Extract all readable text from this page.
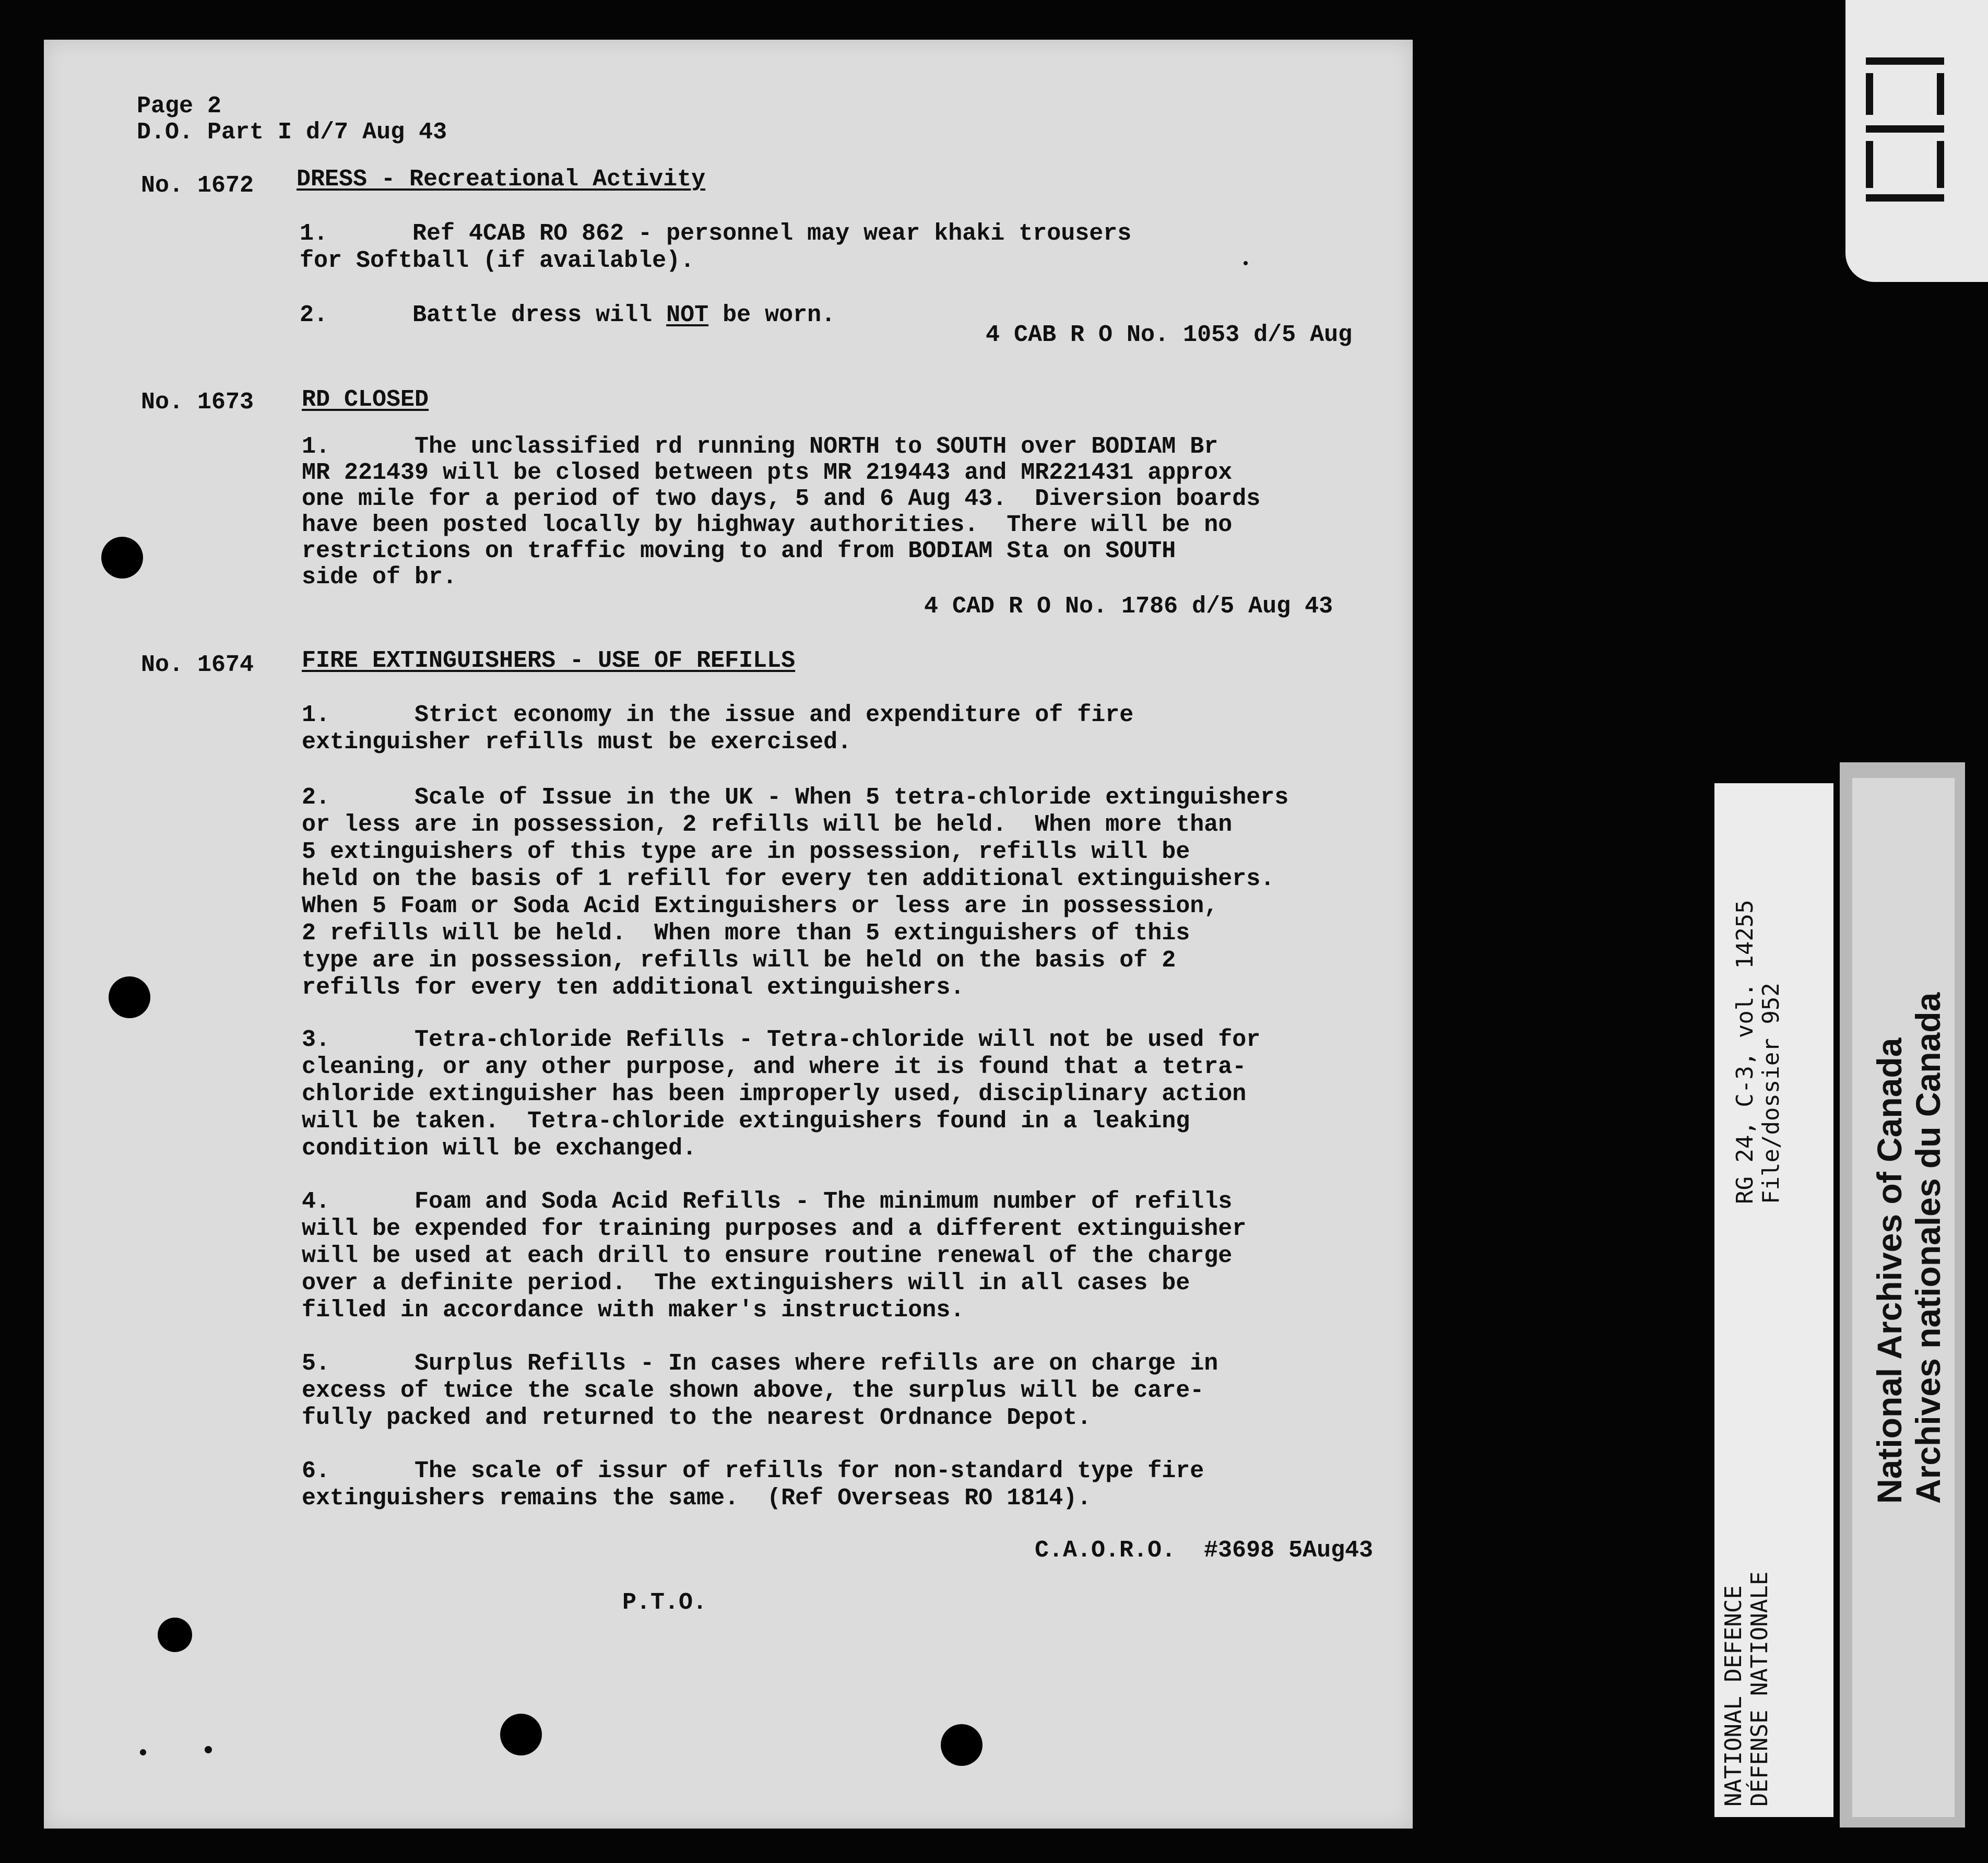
Page 2
D.O. Part I d/7 Aug 43
No. 1672 DRESS - Recreational Activity
1.      Ref 4CAB RO 862 - personnel may wear khaki trousers
for Softball (if available).
2.      Battle dress will NOT be worn.
4 CAB R O No. 1053 d/5 Aug
No. 1673 RD CLOSED
1.      The unclassified rd running NORTH to SOUTH over BODIAM Br
MR 221439 will be closed between pts MR 219443 and MR221431 approx
one mile for a period of two days, 5 and 6 Aug 43.  Diversion boards
have been posted locally by highway authorities.  There will be no
restrictions on traffic moving to and from BODIAM Sta on SOUTH
side of br.
4 CAD R O No. 1786 d/5 Aug 43
No. 1674 FIRE EXTINGUISHERS - USE OF REFILLS
1.      Strict economy in the issue and expenditure of fire
extinguisher refills must be exercised.
2.      Scale of Issue in the UK - When 5 tetra-chloride extinguishers
or less are in possession, 2 refills will be held.  When more than
5 extinguishers of this type are in possession, refills will be
held on the basis of 1 refill for every ten additional extinguishers.
When 5 Foam or Soda Acid Extinguishers or less are in possession,
2 refills will be held.  When more than 5 extinguishers of this
type are in possession, refills will be held on the basis of 2
refills for every ten additional extinguishers.
3.      Tetra-chloride Refills - Tetra-chloride will not be used for
cleaning, or any other purpose, and where it is found that a tetra-
chloride extinguisher has been improperly used, disciplinary action
will be taken.  Tetra-chloride extinguishers found in a leaking
condition will be exchanged.
4.      Foam and Soda Acid Refills - The minimum number of refills
will be expended for training purposes and a different extinguisher
will be used at each drill to ensure routine renewal of the charge
over a definite period.  The extinguishers will in all cases be
filled in accordance with maker's instructions.
5.      Surplus Refills - In cases where refills are on charge in
excess of twice the scale shown above, the surplus will be care-
fully packed and returned to the nearest Ordnance Depot.
6.      The scale of issur of refills for non-standard type fire
extinguishers remains the same.  (Ref Overseas RO 1814).
C.A.O.R.O.  #3698 5Aug43
P.T.O.	NATIONAL DEFENCE DÉFENSE NATIONALE
RG 24, C-3, vol. 14255 File/dossier 952 National Archives of Canada Archives nationales du Canada
